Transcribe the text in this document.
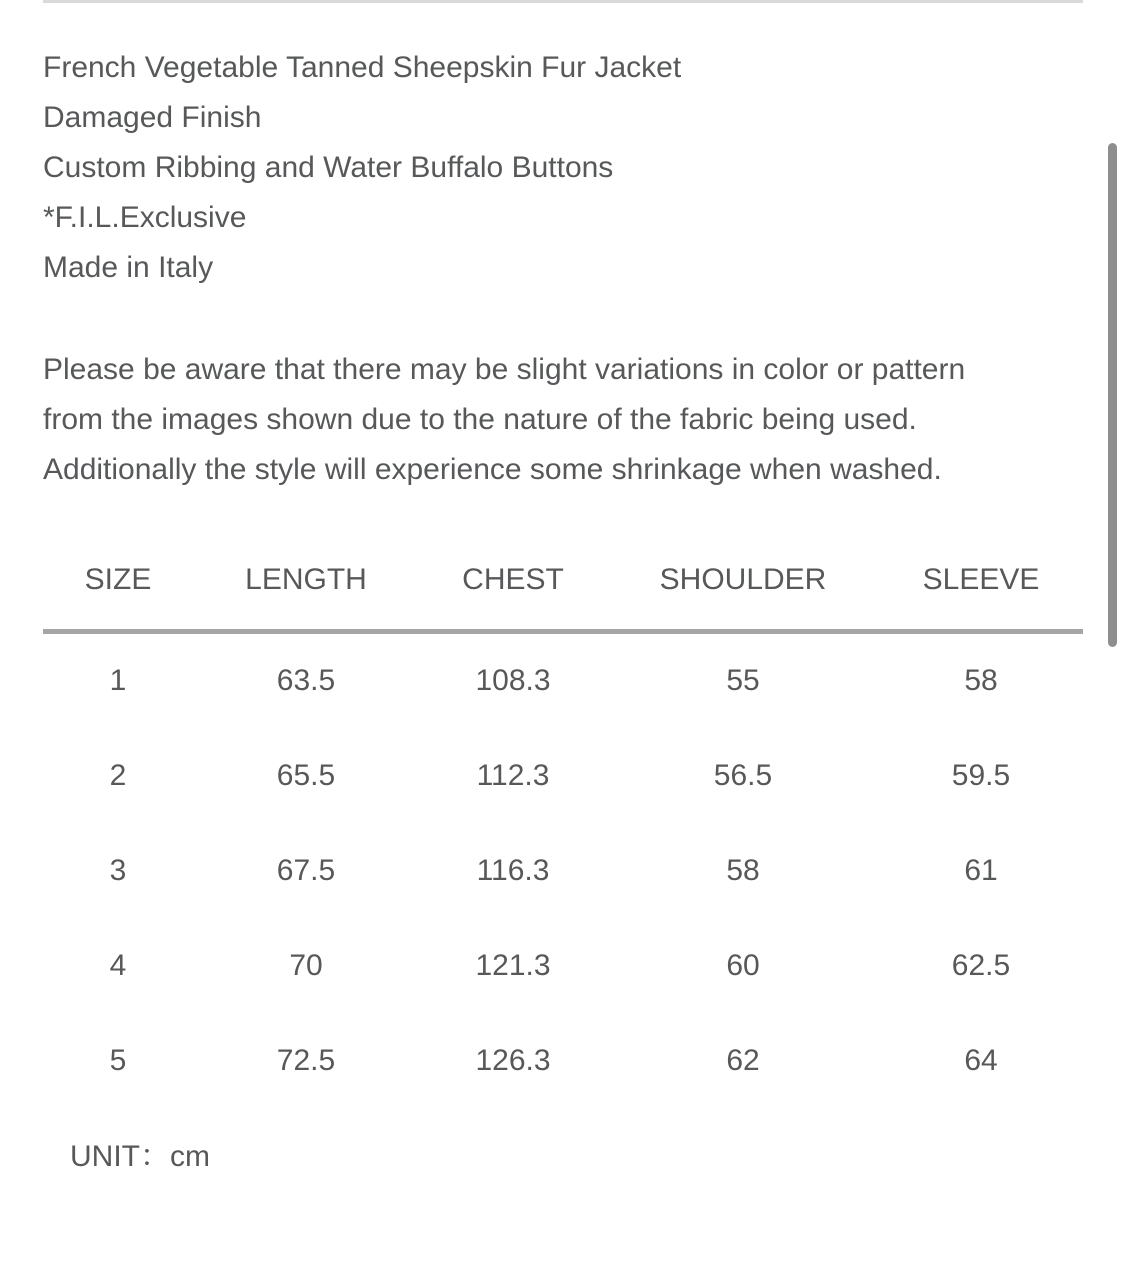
French Vegetable Tanned Sheepskin Fur Jacket
Damaged Finish
Custom Ribbing and Water Buffalo Buttons
*F.I.L.Exclusive
Made in Italy
Please be aware that there may be slight variations in color or pattern
from the images shown due to the nature of the fabric being used.
Additionally the style will experience some shrinkage when washed.
SIZE	LENGTH	CHEST	SHOULDER	SLEEVE
1	63.5	108.3	55	58
2	65.5	112.3	56.5	59.5
3	67.5	116.3	58	61
4	70	121.3	60	62.5
5	72.5	126.3	62	64
UNIT：cm
